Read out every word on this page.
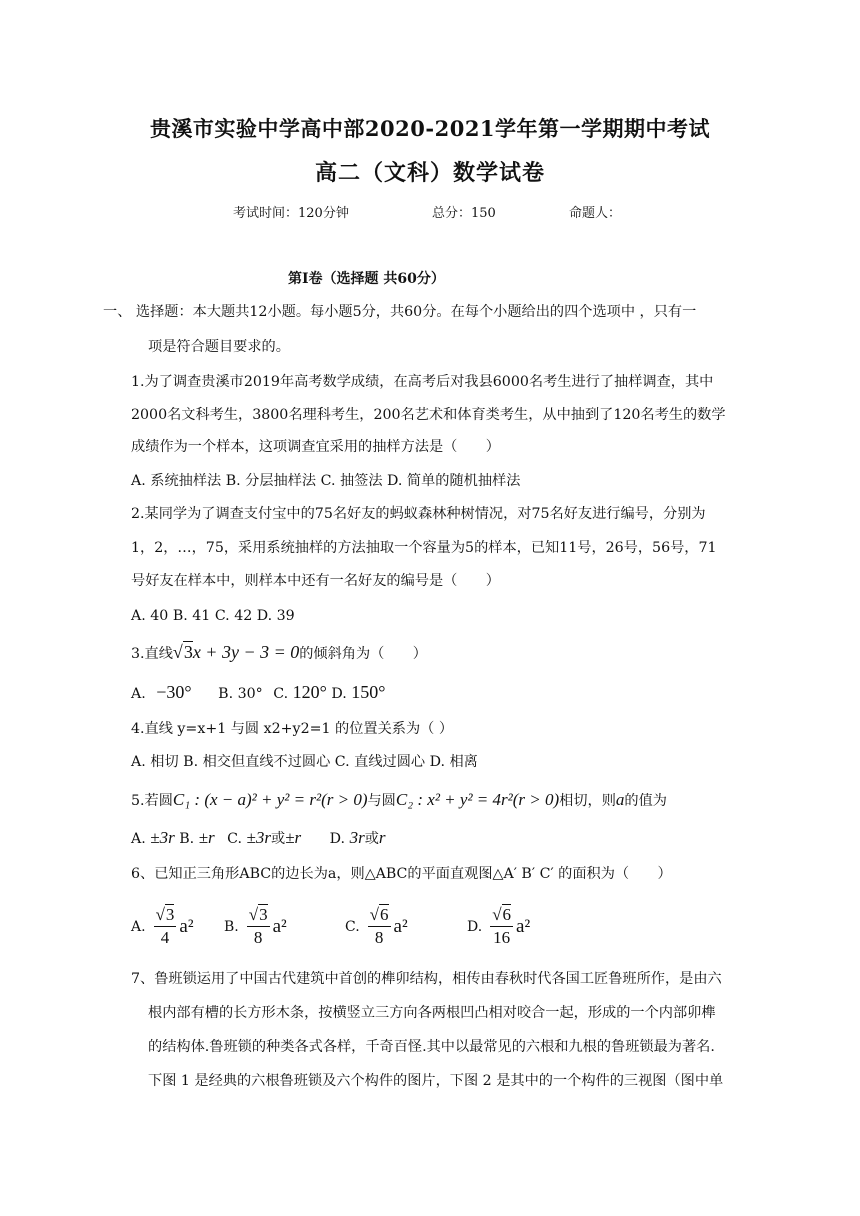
贵溪市实验中学高中部2020-2021学年第一学期期中考试
高二（文科）数学试卷
考试时间：120分钟	总分：150	命题人：
第Ⅰ卷（选择题 共60分）
一、 选择题：本大题共12小题。每小题5分，共60分。在每个小题给出的四个选项中 ，只有一
项是符合题目要求的。
1.为了调查贵溪市2019年高考数学成绩，在高考后对我县6000名考生进行了抽样调查，其中
2000名文科考生，3800名理科考生，200名艺术和体育类考生，从中抽到了120名考生的数学
成绩作为一个样本，这项调查宜采用的抽样方法是（　　）
A. 系统抽样法 B. 分层抽样法 C. 抽签法 D. 简单的随机抽样法
2.某同学为了调查支付宝中的75名好友的蚂蚁森林种树情况，对75名好友进行编号，分别为
1，2，…，75，采用系统抽样的方法抽取一个容量为5的样本，已知11号，26号，56号，71
号好友在样本中，则样本中还有一名好友的编号是（　　）
A. 40 B. 41 C. 42 D. 39
3.直线√3x + 3y − 3 = 0的倾斜角为（　　）
A. −30° B. 30° C. 120° D. 150°
4.直线 y=x+1 与圆 x2+y2=1 的位置关系为（ ）
A. 相切 B. 相交但直线不过圆心 C. 直线过圆心 D. 相离
5.若圆C₁ : (x − a)² + y² = r²(r > 0)与圆C₂ : x² + y² = 4r²(r > 0)相切，则a的值为
A. ±3r B. ±r C. ±3r或±r D. 3r或r
6、已知正三角形ABC的边长为a，则△ABC的平面直观图△A′ B′ C′ 的面积为（　　）
A. $\frac{√3}{4} a^2$ B. $\frac{√3}{8} a^2$	C. $\frac{√6}{8} a^2$	D. $\frac{√6}{16} a^2$
7、鲁班锁运用了中国古代建筑中首创的榫卯结构，相传由春秋时代各国工匠鲁班所作，是由六
根内部有槽的长方形木条，按横竖立三方向各两根凹凸相对咬合一起，形成的一个内部卯榫
的结构体.鲁班锁的种类各式各样，千奇百怪.其中以最常见的六根和九根的鲁班锁最为著名.
下图 1 是经典的六根鲁班锁及六个构件的图片，下图 2 是其中的一个构件的三视图（图中单
